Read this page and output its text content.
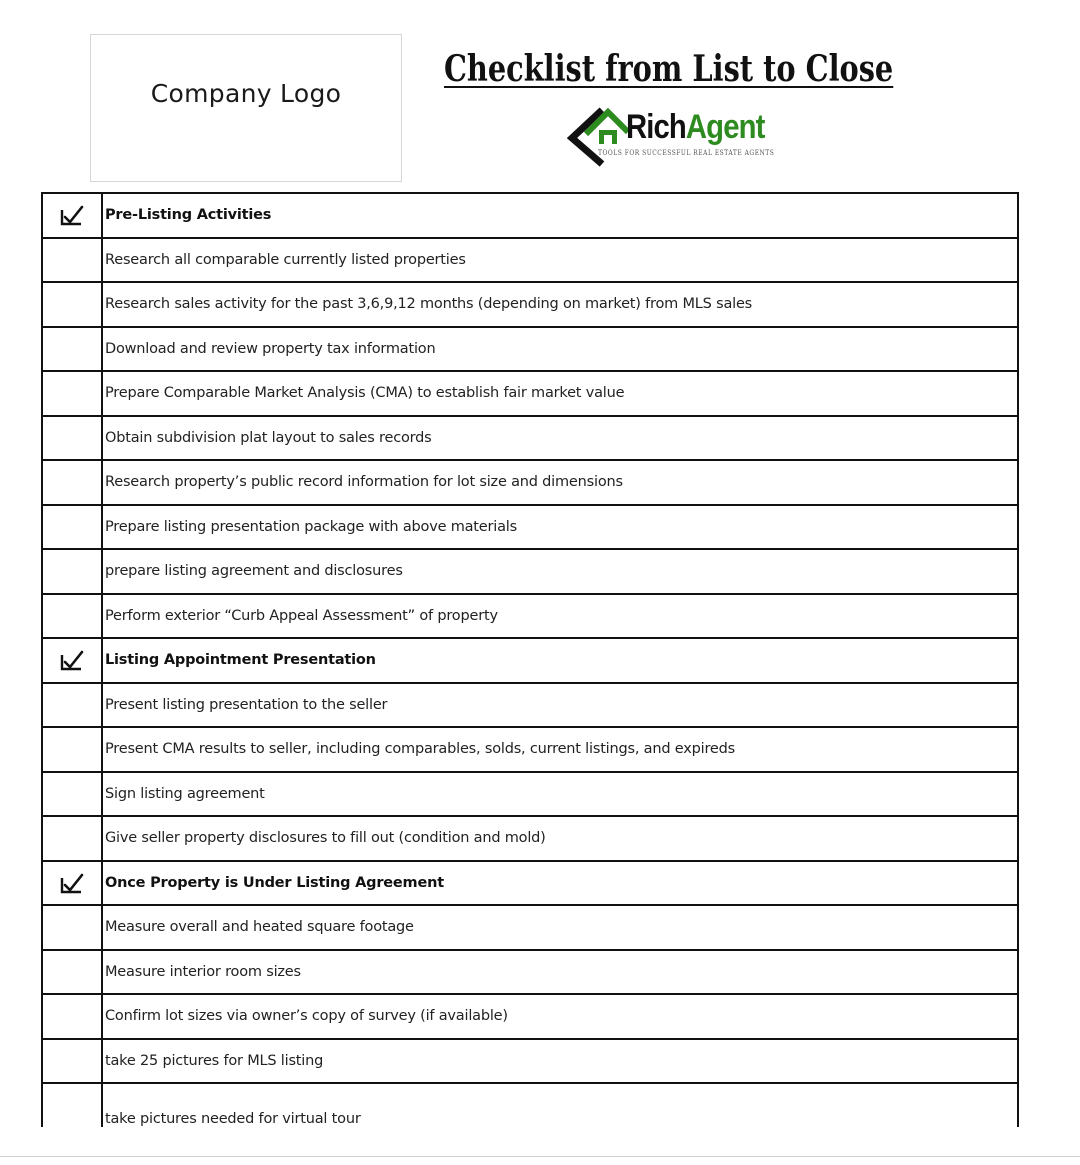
Company Logo
Checklist from List to Close
RichAgent
TOOLS FOR SUCCESSFUL REAL ESTATE AGENTS
	Pre-Listing Activities
	Research all comparable currently listed properties
	Research sales activity for the past 3,6,9,12 months (depending on market) from MLS sales
	Download and review property tax information
	Prepare Comparable Market Analysis (CMA) to establish fair market value
	Obtain subdivision plat layout to sales records
	Research property’s public record information for lot size and dimensions
	Prepare listing presentation package with above materials
	prepare listing agreement and disclosures
	Perform exterior “Curb Appeal Assessment” of property
	Listing Appointment Presentation
	Present listing presentation to the seller
	Present CMA results to seller, including comparables, solds, current listings, and expireds
	Sign listing agreement
	Give seller property disclosures to fill out (condition and mold)
	Once Property is Under Listing Agreement
	Measure overall and heated square footage
	Measure interior room sizes
	Confirm lot sizes via owner’s copy of survey (if available)
	take 25 pictures for MLS listing
	take pictures needed for virtual tour
